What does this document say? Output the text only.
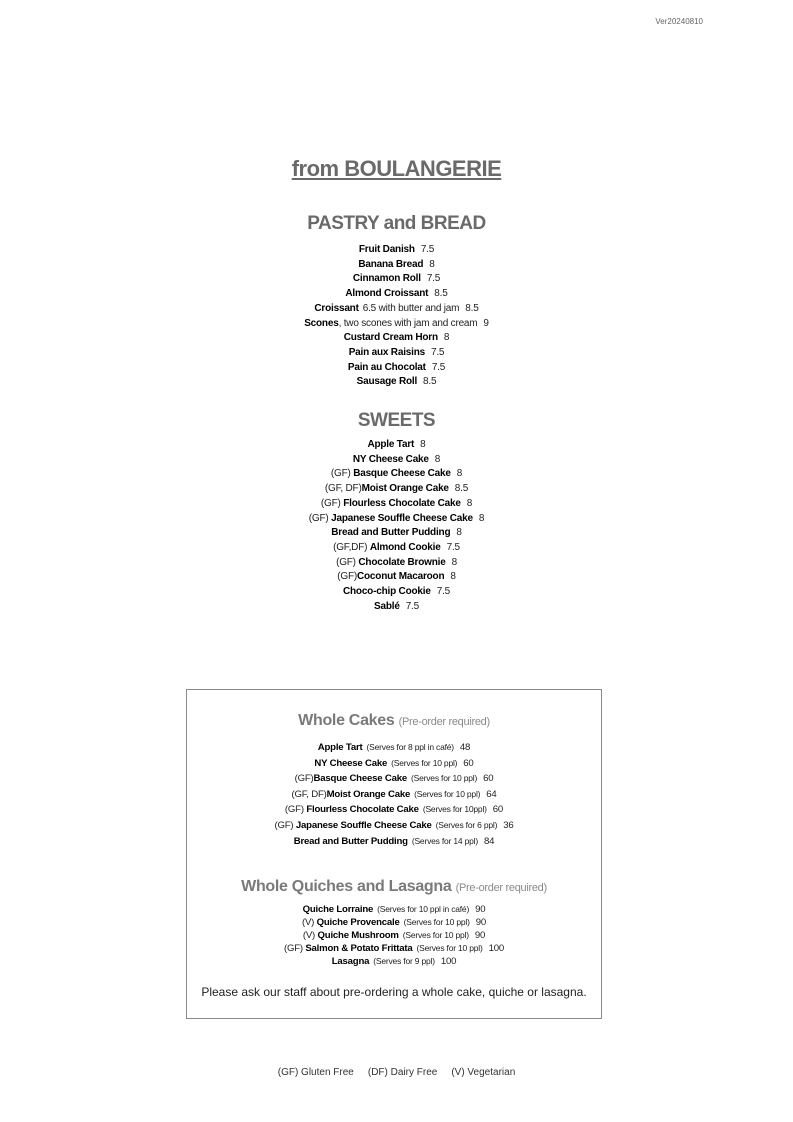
Ver20240810
from BOULANGERIE
PASTRY and BREAD
Fruit Danish 7.5
Banana Bread 8
Cinnamon Roll 7.5
Almond Croissant 8.5
Croissant 6.5 with butter and jam 8.5
Scones, two scones with jam and cream 9
Custard Cream Horn 8
Pain aux Raisins 7.5
Pain au Chocolat 7.5
Sausage Roll 8.5
SWEETS
Apple Tart 8
NY Cheese Cake 8
(GF) Basque Cheese Cake 8
(GF, DF)Moist Orange Cake 8.5
(GF) Flourless Chocolate Cake 8
(GF) Japanese Souffle Cheese Cake 8
Bread and Butter Pudding 8
(GF,DF) Almond Cookie 7.5
(GF) Chocolate Brownie 8
(GF)Coconut Macaroon 8
Choco-chip Cookie 7.5
Sablé 7.5
Whole Cakes (Pre-order required)
Apple Tart (Serves for 8 ppl in café) 48
NY Cheese Cake (Serves for 10 ppl) 60
(GF)Basque Cheese Cake (Serves for 10 ppl) 60
(GF, DF)Moist Orange Cake (Serves for 10 ppl) 64
(GF) Flourless Chocolate Cake (Serves for 10ppl) 60
(GF) Japanese Souffle Cheese Cake (Serves for 6 ppl) 36
Bread and Butter Pudding (Serves for 14 ppl) 84
Whole Quiches and Lasagna (Pre-order required)
Quiche Lorraine (Serves for 10 ppl in café) 90
(V) Quiche Provencale (Serves for 10 ppl) 90
(V) Quiche Mushroom (Serves for 10 ppl) 90
(GF) Salmon & Potato Frittata (Serves for 10 ppl) 100
Lasagna (Serves for 9 ppl) 100
Please ask our staff about pre-ordering a whole cake, quiche or lasagna.
(GF) Gluten Free (DF) Dairy Free (V) Vegetarian
